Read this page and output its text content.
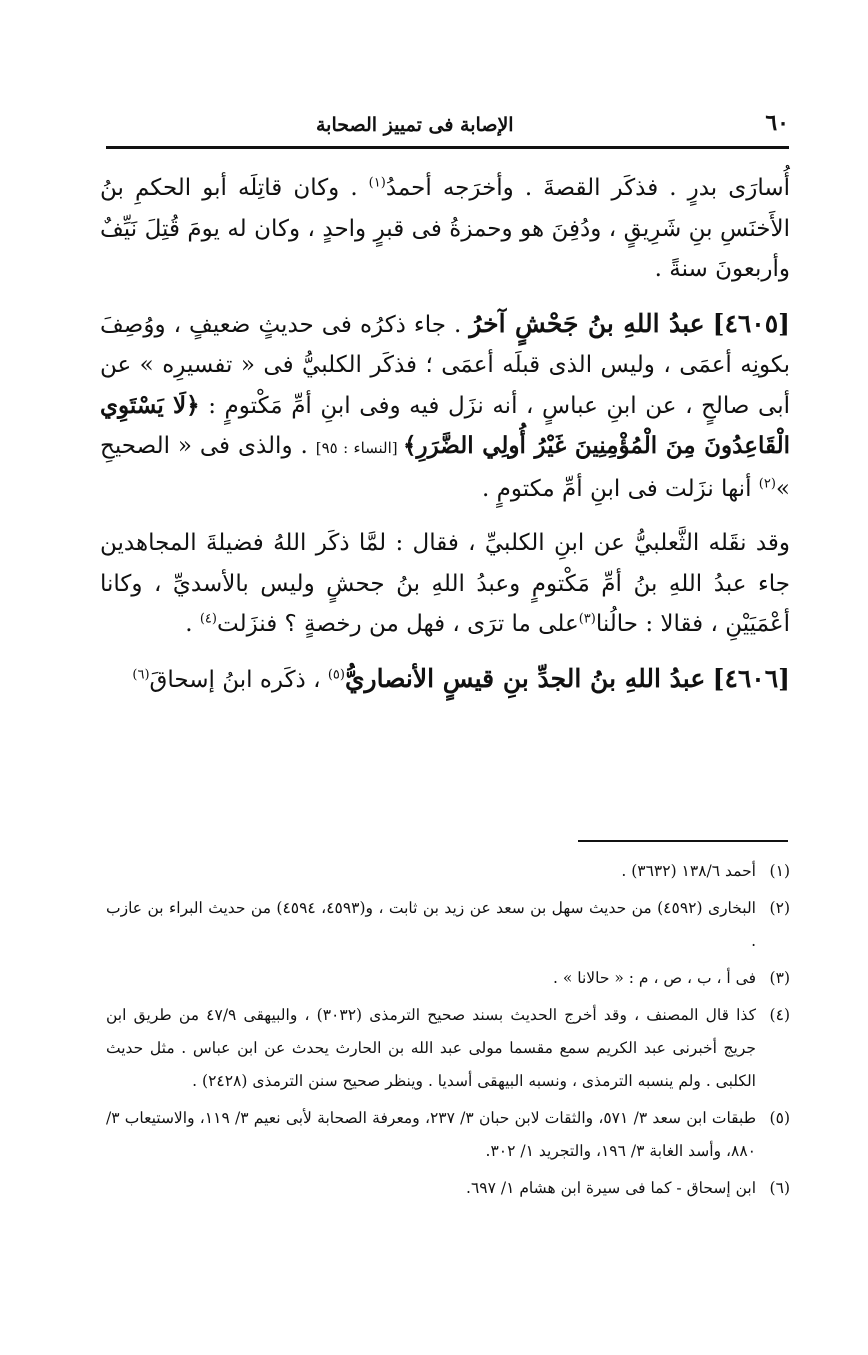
٦٠
الإصابة فى تمييز الصحابة

أُسارَى بدرٍ . فذكَر القصةَ . وأخرَجه أحمدُ$^{(١)}$ . وكان قاتِلَه أبو الحكمِ بنُ الأَخنَسِ بنِ شَرِيقٍ ، ودُفِنَ هو وحمزةُ فى قبرٍ واحدٍ ، وكان له يومَ قُتِلَ نَيِّفٌ وأربعونَ سنةً .

[٤٦٠٥] عبدُ اللهِ بنُ جَحْشٍ آخرُ . جاء ذكرُه فى حديثٍ ضعيفٍ ، ووُصِفَ بكونِه أعمَى ، وليس الذى قبلَه أعمَى ؛ فذكَر الكلبيُّ فى « تفسيرِه » عن أبى صالحٍ ، عن ابنِ عباسٍ ، أنه نزَل فيه وفى ابنِ أمِّ مَكْتومٍ : ﴿لَا يَسْتَوِي الْقَاعِدُونَ مِنَ الْمُؤْمِنِينَ غَيْرُ أُولِي الضَّرَرِ﴾ [النساء : ٩٥] . والذى فى « الصحيحِ »$^{(٢)}$ أنها نزَلت فى ابنِ أمِّ مكتومٍ .

وقد نقَله الثَّعلبيُّ عن ابنِ الكلبيِّ ، فقال : لمَّا ذكَر اللهُ فضيلةَ المجاهدين جاء عبدُ اللهِ بنُ أمِّ مَكْتومٍ وعبدُ اللهِ بنُ جحشٍ وليس بالأسديِّ ، وكانا أعْمَيَيْنِ ، فقالا : حالُنا$^{(٣)}$على ما ترَى ، فهل من رخصةٍ ؟ فنزَلت$^{(٤)}$ .

[٤٦٠٦] عبدُ اللهِ بنُ الجدِّ بنِ قيسٍ الأنصاريُّ$^{(٥)}$ ، ذكَره ابنُ إسحاقَ$^{(٦)}$

(١)
أحمد ١٣٨/٦ (٣٦٣٢) .
(٢)
البخارى (٤٥٩٢) من حديث سهل بن سعد عن زيد بن ثابت ، و(٤٥٩٣، ٤٥٩٤) من حديث البراء بن عازب .
(٣)
فى أ ، ب ، ص ، م : « حالانا » .
(٤)
كذا قال المصنف ، وقد أخرج الحديث بسند صحيح الترمذى (٣٠٣٢) ، والبيهقى ٤٧/٩ من طريق ابن جريج أخبرنى عبد الكريم سمع مقسما مولى عبد الله بن الحارث يحدث عن ابن عباس . مثل حديث الكلبى . ولم ينسبه الترمذى ، ونسبه البيهقى أسديا . وينظر صحيح سنن الترمذى (٢٤٢٨) .
(٥)
طبقات ابن سعد ٣/ ٥٧١، والثقات لابن حبان ٣/ ٢٣٧، ومعرفة الصحابة لأبى نعيم ٣/ ١١٩، والاستيعاب ٣/ ٨٨٠، وأسد الغابة ٣/ ١٩٦، والتجريد ١/ ٣٠٢.
(٦)
ابن إسحاق - كما فى سيرة ابن هشام ١/ ٦٩٧.
